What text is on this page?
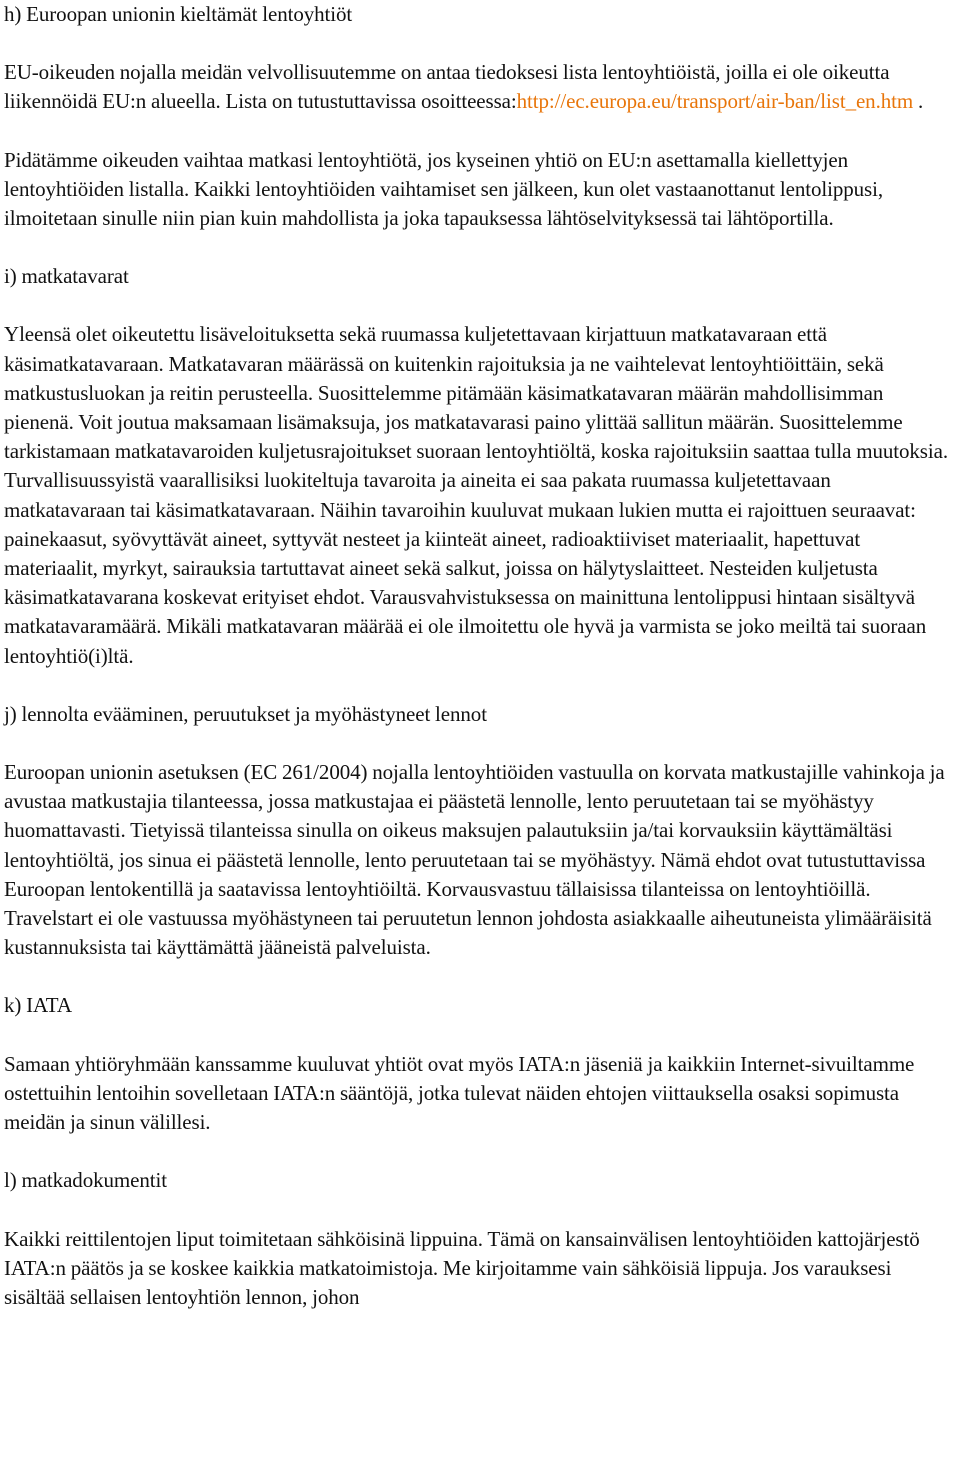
h) Euroopan unionin kieltämät lentoyhtiöt

EU-oikeuden nojalla meidän velvollisuutemme on antaa tiedoksesi lista lentoyhtiöistä, joilla ei ole oikeutta liikennöidä EU:n alueella. Lista on tutustuttavissa osoitteessa:http://ec.europa.eu/transport/air-ban/list_en.htm .

Pidätämme oikeuden vaihtaa matkasi lentoyhtiötä, jos kyseinen yhtiö on EU:n asettamalla kiellettyjen lentoyhtiöiden listalla. Kaikki lentoyhtiöiden vaihtamiset sen jälkeen, kun olet vastaanottanut lentolippusi, ilmoitetaan sinulle niin pian kuin mahdollista ja joka tapauksessa lähtöselvityksessä tai lähtöportilla.

i) matkatavarat

Yleensä olet oikeutettu lisäveloituksetta sekä ruumassa kuljetettavaan kirjattuun matkatavaraan että käsimatkatavaraan. Matkatavaran määrässä on kuitenkin rajoituksia ja ne vaihtelevat lentoyhtiöittäin, sekä matkustusluokan ja reitin perusteella. Suosittelemme pitämään käsimatkatavaran määrän mahdollisimman pienenä. Voit joutua maksamaan lisämaksuja, jos matkatavarasi paino ylittää sallitun määrän. Suosittelemme tarkistamaan matkatavaroiden kuljetusrajoitukset suoraan lentoyhtiöltä, koska rajoituksiin saattaa tulla muutoksia. Turvallisuussyistä vaarallisiksi luokiteltuja tavaroita ja aineita ei saa pakata ruumassa kuljetettavaan matkatavaraan tai käsimatkatavaraan. Näihin tavaroihin kuuluvat mukaan lukien mutta ei rajoittuen seuraavat: painekaasut, syövyttävät aineet, syttyvät nesteet ja kiinteät aineet, radioaktiiviset materiaalit, hapettuvat materiaalit, myrkyt, sairauksia tartuttavat aineet sekä salkut, joissa on hälytyslaitteet. Nesteiden kuljetusta käsimatkatavarana koskevat erityiset ehdot. Varausvahvistuksessa on mainittuna lentolippusi hintaan sisältyvä matkatavaramäärä. Mikäli matkatavaran määrää ei ole ilmoitettu ole hyvä ja varmista se joko meiltä tai suoraan lentoyhtiö(i)ltä.

j) lennolta evääminen, peruutukset ja myöhästyneet lennot

Euroopan unionin asetuksen (EC 261/2004) nojalla lentoyhtiöiden vastuulla on korvata matkustajille vahinkoja ja avustaa matkustajia tilanteessa, jossa matkustajaa ei päästetä lennolle, lento peruutetaan tai se myöhästyy huomattavasti. Tietyissä tilanteissa sinulla on oikeus maksujen palautuksiin ja/tai korvauksiin käyttämältäsi lentoyhtiöltä, jos sinua ei päästetä lennolle, lento peruutetaan tai se myöhästyy. Nämä ehdot ovat tutustuttavissa Euroopan lentokentillä ja saatavissa lentoyhtiöiltä. Korvausvastuu tällaisissa tilanteissa on lentoyhtiöillä. Travelstart ei ole vastuussa myöhästyneen tai peruutetun lennon johdosta asiakkaalle aiheutuneista ylimääräisitä kustannuksista tai käyttämättä jääneistä palveluista.

k) IATA

Samaan yhtiöryhmään kanssamme kuuluvat yhtiöt ovat myös IATA:n jäseniä ja kaikkiin Internet-sivuiltamme ostettuihin lentoihin sovelletaan IATA:n sääntöjä, jotka tulevat näiden ehtojen viittauksella osaksi sopimusta meidän ja sinun välillesi.

l) matkadokumentit

Kaikki reittilentojen liput toimitetaan sähköisinä lippuina. Tämä on kansainvälisen lentoyhtiöiden kattojärjestö IATA:n päätös ja se koskee kaikkia matkatoimistoja. Me kirjoitamme vain sähköisiä lippuja. Jos varauksesi sisältää sellaisen lentoyhtiön lennon, johon
